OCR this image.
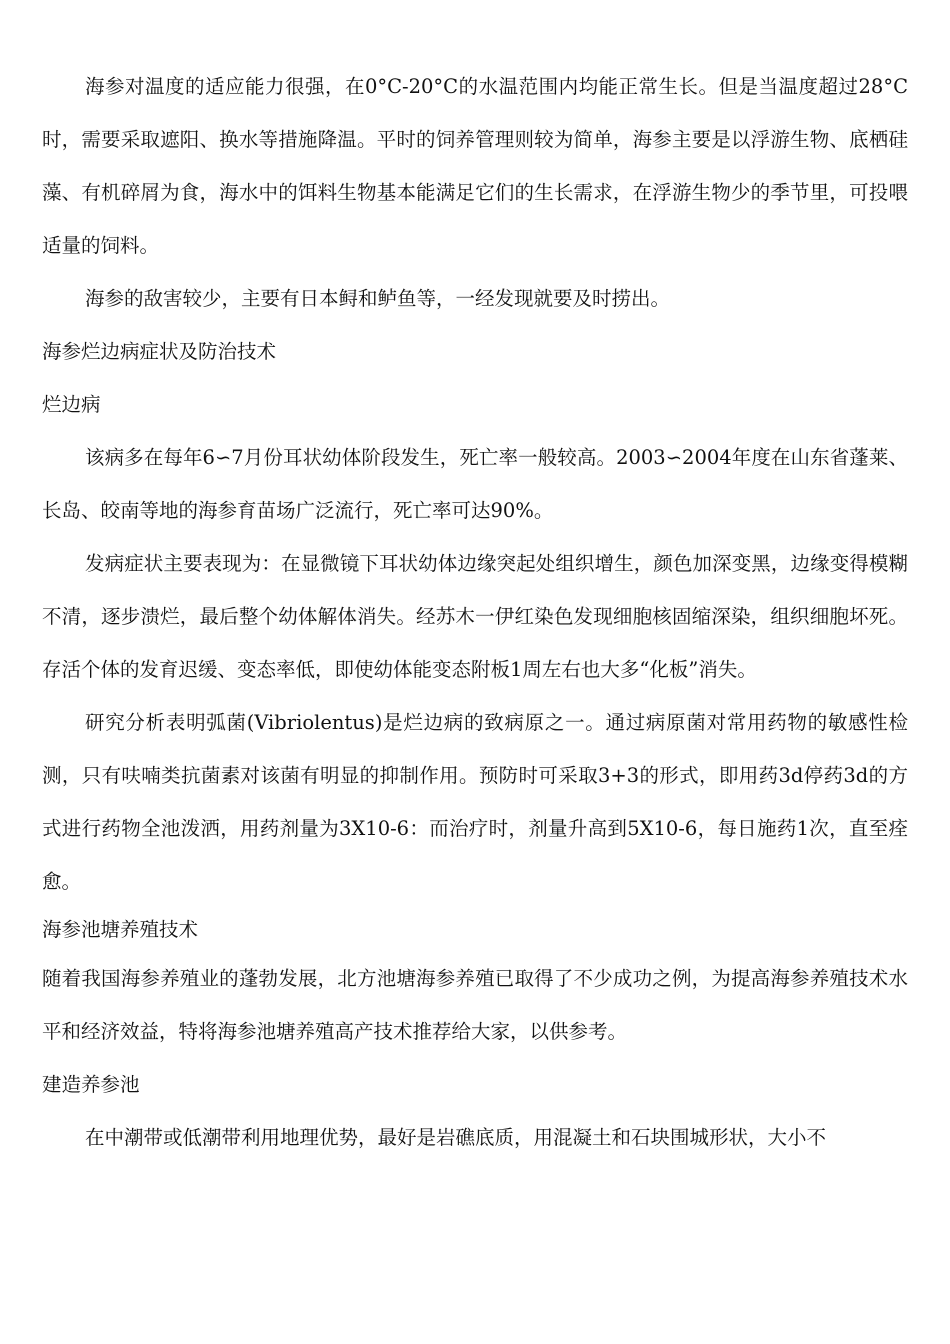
海参对温度的适应能力很强，在0°C-20°C的水温范围内均能正常生长。但是当温度超过28°C时，需要采取遮阳、换水等措施降温。平时的饲养管理则较为简单，海参主要是以浮游生物、底栖硅藻、有机碎屑为食，海水中的饵料生物基本能满足它们的生长需求，在浮游生物少的季节里，可投喂适量的饲料。

海参的敌害较少，主要有日本鲟和鲈鱼等，一经发现就要及时捞出。

海参烂边病症状及防治技术
烂边病

该病多在每年6∽7月份耳状幼体阶段发生，死亡率一般较高。2003∽2004年度在山东省蓬莱、长岛、皎南等地的海参育苗场广泛流行，死亡率可达90%。

发病症状主要表现为：在显微镜下耳状幼体边缘突起处组织增生，颜色加深变黑，边缘变得模糊不清，逐步溃烂，最后整个幼体解体消失。经苏木一伊红染色发现细胞核固缩深染，组织细胞坏死。存活个体的发育迟缓、变态率低，即使幼体能变态附板1周左右也大多“化板”消失。

研究分析表明弧菌(Vibriolentus)是烂边病的致病原之一。通过病原菌对常用药物的敏感性检测，只有呋喃类抗菌素对该菌有明显的抑制作用。预防时可采取3+3的形式，即用药3d停药3d的方式进行药物全池泼洒，用药剂量为3X10-6：而治疗时，剂量升高到5X10-6，每日施药1次，直至痊愈。

海参池塘养殖技术

随着我国海参养殖业的蓬勃发展，北方池塘海参养殖已取得了不少成功之例，为提高海参养殖技术水平和经济效益，特将海参池塘养殖高产技术推荐给大家，以供参考。

建造养参池

在中潮带或低潮带利用地理优势，最好是岩礁底质，用混凝土和石块围城形状，大小不
